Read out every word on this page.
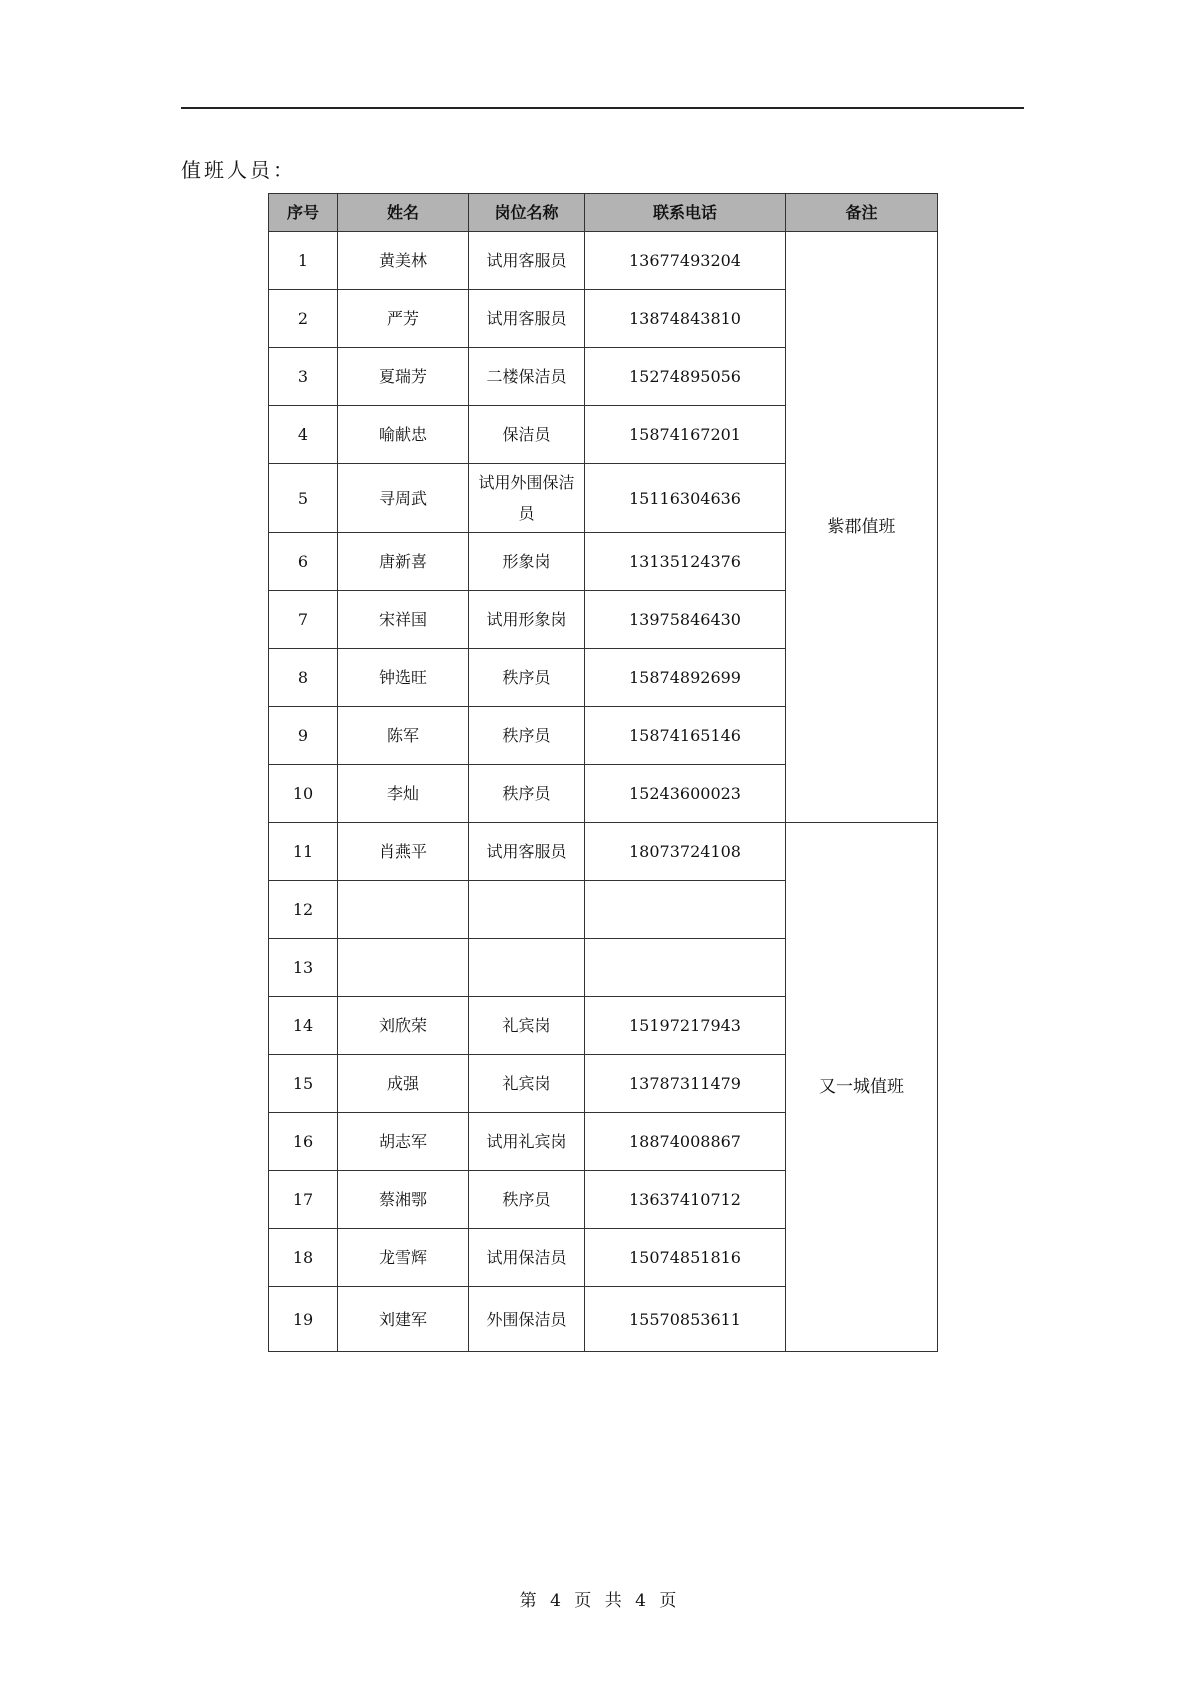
值班人员：
序号	姓名	岗位名称	联系电话	备注
1	黄美林	试用客服员	13677493204	紫郡值班
2	严芳	试用客服员	13874843810	
3	夏瑞芳	二楼保洁员	15274895056	
4	喻献忠	保洁员	15874167201	
5	寻周武	试用外围保洁员	15116304636	
6	唐新喜	形象岗	13135124376	
7	宋祥国	试用形象岗	13975846430	
8	钟选旺	秩序员	15874892699	
9	陈军	秩序员	15874165146	
10	李灿	秩序员	15243600023	
11	肖燕平	试用客服员	18073724108	又一城值班
12				
13				
14	刘欣荣	礼宾岗	15197217943	
15	成强	礼宾岗	13787311479	
16	胡志军	试用礼宾岗	18874008867	
17	蔡湘鄂	秩序员	13637410712	
18	龙雪辉	试用保洁员	15074851816	
19	刘建军	外围保洁员	15570853611	
第 4 页 共 4 页
